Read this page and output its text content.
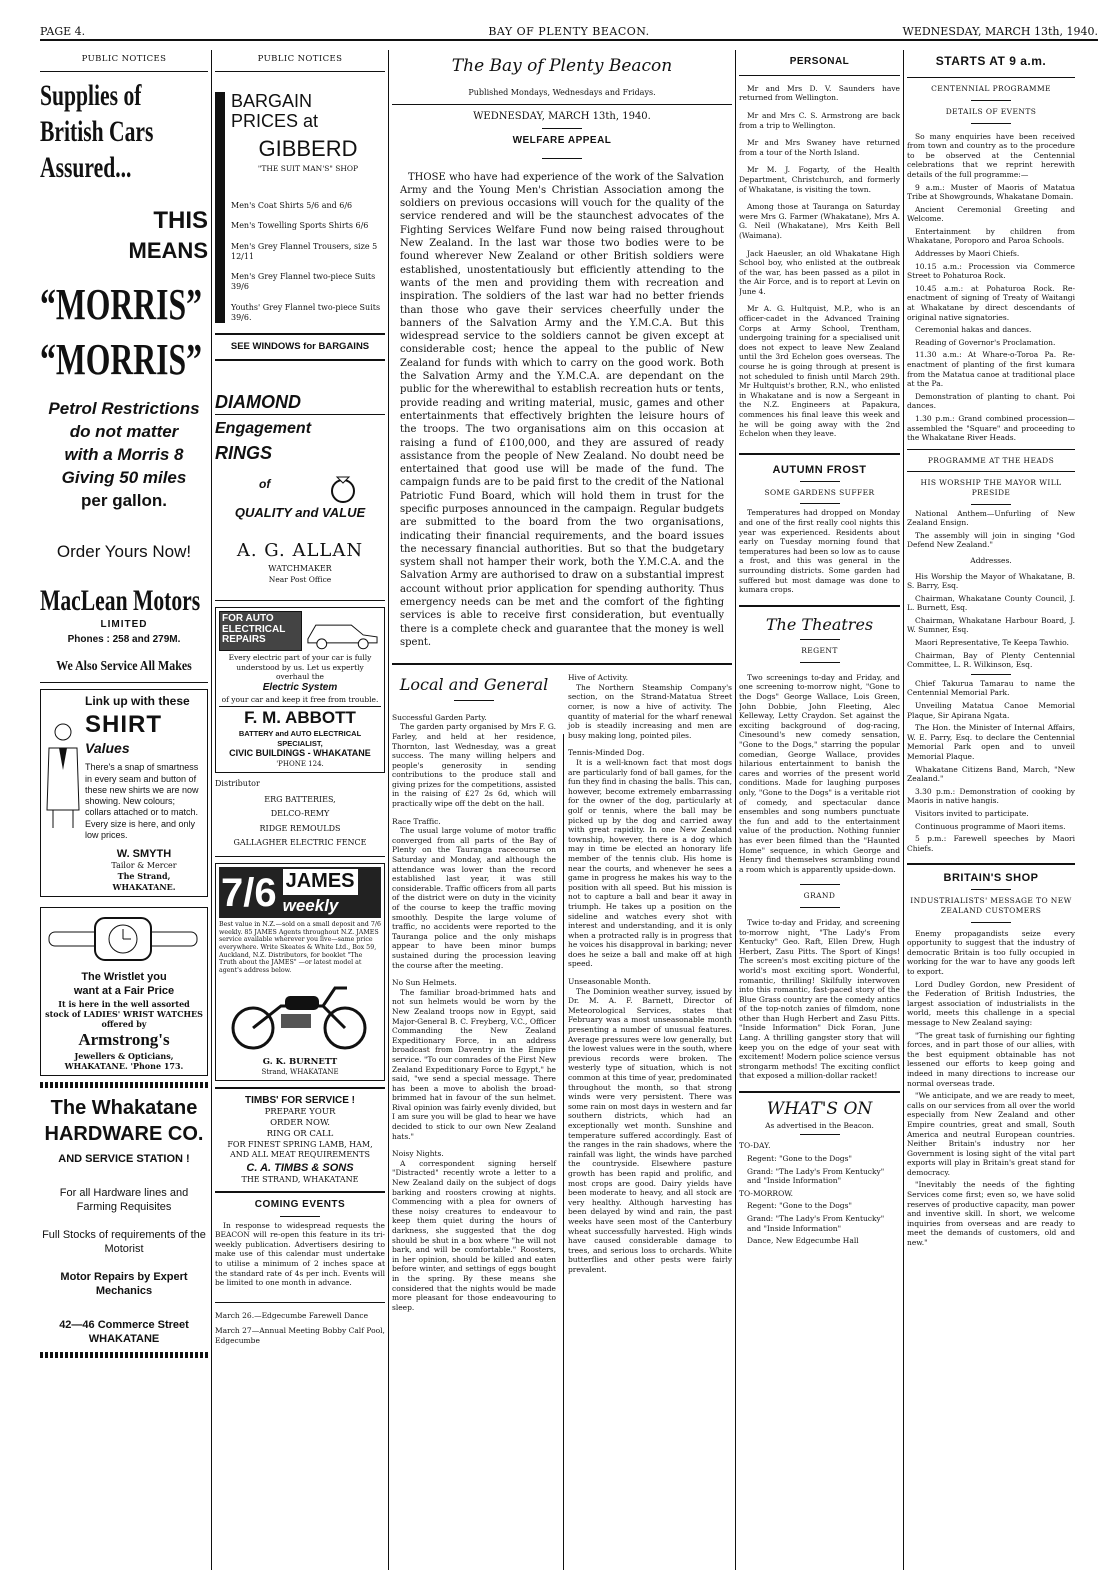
PAGE 4.	BAY OF PLENTY BEACON.	WEDNESDAY, MARCH 13th, 1940.
PUBLIC NOTICES
Supplies of
British Cars
Assured...
THIS
MEANS
“MORRIS”
“MORRIS”
Petrol Restrictions
do not matter
with a Morris 8
Giving 50 miles
per gallon.
Order Yours Now!
MacLean Motors
LIMITED
Phones : 258 and 279M.
We Also Service All Makes
Link up with these
SHIRT
Values
There's a snap of smartness in every seam and button of these new shirts we are now showing. New colours; collars attached or to match. Every size is here, and only low prices.
W. SMYTH
Tailor & Mercer
The Strand, WHAKATANE.
The Wristlet you
want at a Fair Price
It is here in the well assorted stock of LADIES' WRIST WATCHES offered by
Armstrong's
Jewellers & Opticians,
WHAKATANE. 'Phone 173.
The Whakatane
HARDWARE CO.
AND SERVICE STATION !
For all Hardware lines and Farming Requisites
Full Stocks of requirements of the Motorist
Motor Repairs by Expert Mechanics
42—46 Commerce Street
WHAKATANE
PUBLIC NOTICES
BARGAIN
PRICES at
GIBBERD
"THE SUIT MAN'S" SHOP
Men's Coat Shirts 5/6 and 6/6
Men's Towelling Sports Shirts 6/6
Men's Grey Flannel Trousers, size 5 12/11
Men's Grey Flannel two-piece Suits 39/6
Youths' Grey Flannel two-piece Suits 39/6.
SEE WINDOWS for BARGAINS
DIAMOND
Engagement
RINGS
of
QUALITY and VALUE
A. G. ALLAN
WATCHMAKER
Near Post Office
FOR AUTO
ELECTRICAL
REPAIRS
Every electric part of your car is fully understood by us. Let us expertly overhaul the
Electric System
of your car and keep it free from trouble.
F. M. ABBOTT
BATTERY and AUTO ELECTRICAL SPECIALIST,
CIVIC BUILDINGS - WHAKATANE
'PHONE 124.
Distributor
ERG BATTERIES,
DELCO-REMY
RIDGE REMOULDS
GALLAGHER ELECTRIC FENCE
7/6 JAMES
weekly
Best value in N.Z.—sold on a small deposit and 7/6 weekly. 85 JAMES Agents throughout N.Z. JAMES service available wherever you live—same price everywhere. Write Skeates & White Ltd., Box 59, Auckland, N.Z. Distributors, for booklet "The Truth about the JAMES" —or latest model at agent's address below.
G. K. BURNETT
Strand, WHAKATANE
TIMBS' FOR SERVICE !
PREPARE YOUR
ORDER NOW.
RING OR CALL
FOR FINEST SPRING LAMB, HAM,
AND ALL MEAT REQUIREMENTS
C. A. TIMBS & SONS
THE STRAND, WHAKATANE
COMING EVENTS

In response to widespread requests the BEACON will re-open this feature in its tri-weekly publication. Advertisers desiring to make use of this calendar must undertake to utilise a minimum of 2 inches space at the standard rate of 4s per inch. Events will be limited to one month in advance.

March 26.—Edgecumbe Farewell Dance
March 27—Annual Meeting Bobby Calf Pool, Edgecumbe
The Bay of Plenty Beacon
Published Mondays, Wednesdays and Fridays.
WEDNESDAY, MARCH 13th, 1940.
WELFARE APPEAL

THOSE who have had experience of the work of the Salvation Army and the Young Men's Christian Association among the soldiers on previous occasions will vouch for the quality of the service rendered and will be the staunchest advocates of the Fighting Services Welfare Fund now being raised throughout New Zealand. In the last war those two bodies were to be found wherever New Zealand or other British soldiers were established, unostentatiously but efficiently attending to the wants of the men and providing them with recreation and inspiration. The soldiers of the last war had no better friends than those who gave their services cheerfully under the banners of the Salvation Army and the Y.M.C.A. But this widespread service to the soldiers cannot be given except at considerable cost; hence the appeal to the public of New Zealand for funds with which to carry on the good work. Both the Salvation Army and the Y.M.C.A. are dependant on the public for the wherewithal to establish recreation huts or tents, provide reading and writing material, music, games and other entertainments that effectively brighten the leisure hours of the troops. The two organisations aim on this occasion at raising a fund of £100,000, and they are assured of ready assistance from the people of New Zealand. No doubt need be entertained that good use will be made of the fund. The campaign funds are to be paid first to the credit of the National Patriotic Fund Board, which will hold them in trust for the specific purposes announced in the campaign. Regular budgets are submitted to the board from the two organisations, indicating their financial requirements, and the board issues the necessary financial authorities. But so that the budgetary system shall not hamper their work, both the Y.M.C.A. and the Salvation Army are authorised to draw on a substantial imprest account without prior application for spending authority. Thus emergency needs can be met and the comfort of the fighting services is able to receive first consideration, but eventually there is a complete check and guarantee that the money is well spent.

Local and General
Successful Garden Party.

The garden party organised by Mrs F. G. Farley, and held at her residence, Thornton, last Wednesday, was a great success. The many willing helpers and people's generosity in sending contributions to the produce stall and giving prizes for the competitions, assisted in the raising of £27 2s 6d, which will practically wipe off the debt on the hall.

Race Traffic.

The usual large volume of motor traffic converged from all parts of the Bay of Plenty on the Tauranga racecourse on Saturday and Monday, and although the attendance was lower than the record established last year, it was still considerable. Traffic officers from all parts of the district were on duty in the vicinity of the course to keep the traffic moving smoothly. Despite the large volume of traffic, no accidents were reported to the Tauranga police and the only mishaps appear to have been minor bumps sustained during the procession leaving the course after the meeting.

No Sun Helmets.

The familiar broad-brimmed hats and not sun helmets would be worn by the New Zealand troops now in Egypt, said Major-General B. C. Freyberg, V.C., Officer Commanding the New Zealand Expeditionary Force, in an address broadcast from Daventry in the Empire service. "To our comrades of the First New Zealand Expeditionary Force to Egypt," he said, "we send a special message. There has been a move to abolish the broad-brimmed hat in favour of the sun helmet. Rival opinion was fairly evenly divided, but I am sure you will be glad to hear we have decided to stick to our own New Zealand hats."

Noisy Nights.

A correspondent signing herself "Distracted" recently wrote a letter to a New Zealand daily on the subject of dogs barking and roosters crowing at nights. Commencing with a plea for owners of these noisy creatures to endeavour to keep them quiet during the hours of darkness, she suggested that the dog should be shut in a box where "he will not bark, and will be comfortable." Roosters, in her opinion, should be killed and eaten before winter, and settings of eggs bought in the spring. By these means she considered that the nights would be made more pleasant for those endeavouring to sleep.

Hive of Activity.

The Northern Steamship Company's section, on the Strand-Matatua Street corner, is now a hive of activity. The quantity of material for the wharf renewal job is steadily increasing and men are busy making long, pointed piles.

Tennis-Minded Dog.

It is a well-known fact that most dogs are particularly fond of ball games, for the fun they find in chasing the balls. This can, however, become extremely embarrassing for the owner of the dog, particularly at golf or tennis, where the ball may be picked up by the dog and carried away with great rapidity. In one New Zealand township, however, there is a dog which may in time be elected an honorary life member of the tennis club. His home is near the courts, and whenever he sees a game in progress he makes his way to the position with all speed. But his mission is not to capture a ball and bear it away in triumph. He takes up a position on the sideline and watches every shot with interest and understanding, and it is only when a protracted rally is in progress that he voices his disapproval in barking; never does he seize a ball and make off at high speed.

Unseasonable Month.

The Dominion weather survey, issued by Dr. M. A. F. Barnett, Director of Meteorological Services, states that February was a most unseasonable month presenting a number of unusual features. Average pressures were low generally, but the lowest values were in the south, where previous records were broken. The westerly type of situation, which is not common at this time of year, predominated throughout the month, so that strong winds were very persistent. There was some rain on most days in western and far southern districts, which had an exceptionally wet month. Sunshine and temperature suffered accordingly. East of the ranges in the rain shadows, where the rainfall was light, the winds have parched the countryside. Elsewhere pasture growth has been rapid and prolific, and most crops are good. Dairy yields have been moderate to heavy, and all stock are very healthy. Although harvesting has been delayed by wind and rain, the past weeks have seen most of the Canterbury wheat successfully harvested. High winds have caused considerable damage to trees, and serious loss to orchards. White butterflies and other pests were fairly prevalent.

PERSONAL

Mr and Mrs D. V. Saunders have returned from Wellington.

Mr and Mrs C. S. Armstrong are back from a trip to Wellington.

Mr and Mrs Swaney have returned from a tour of the North Island.

Mr M. J. Fogarty, of the Health Department, Christchurch, and formerly of Whakatane, is visiting the town.

Among those at Tauranga on Saturday were Mrs G. Farmer (Whakatane), Mrs A. G. Neil (Whakatane), Mrs Keith Bell (Waimana).

Jack Haeusler, an old Whakatane High School boy, who enlisted at the outbreak of the war, has been passed as a pilot in the Air Force, and is to report at Levin on June 4.

Mr A. G. Hultquist, M.P., who is an officer-cadet in the Advanced Training Corps at Army School, Trentham, undergoing training for a specialised unit does not expect to leave New Zealand until the 3rd Echelon goes overseas. The course he is going through at present is not scheduled to finish until March 29th. Mr Hultquist's brother, R.N., who enlisted in Whakatane and is now a Sergeant in the N.Z. Engineers at Papakura, commences his final leave this week and he will be going away with the 2nd Echelon when they leave.

AUTUMN FROST
SOME GARDENS SUFFER

Temperatures had dropped on Monday and one of the first really cool nights this year was experienced. Residents about early on Tuesday morning found that temperatures had been so low as to cause a frost, and this was general in the surrounding districts. Some garden had suffered but most damage was done to kumara crops.

The Theatres
REGENT

Two screenings to-day and Friday, and one screening to-morrow night, "Gone to the Dogs" George Wallace, Lois Green, John Dobbie, John Fleeting, Alec Kelleway, Letty Craydon. Set against the exciting background of dog-racing, Cinesound's new comedy sensation, "Gone to the Dogs," starring the popular comedian, George Wallace, provides hilarious entertainment to banish the cares and worries of the present world conditions. Made for laughing purposes only, "Gone to the Dogs" is a veritable riot of comedy, and spectacular dance ensembles and song numbers punctuate the fun and add to the entertainment value of the production. Nothing funnier has ever been filmed than the "Haunted Home" sequence, in which George and Henry find themselves scrambling round a room which is apparently upside-down.

GRAND

Twice to-day and Friday, and screening to-morrow night, "The Lady's From Kentucky" Geo. Raft, Ellen Drew, Hugh Herbert, Zasu Pitts. The Sport of Kings! The screen's most exciting picture of the world's most exciting sport. Wonderful, romantic, thrilling! Skilfully interwoven into this romantic, fast-paced story of the Blue Grass country are the comedy antics of the top-notch zanies of filmdom, none other than Hugh Herbert and Zasu Pitts. "Inside Information" Dick Foran, June Lang. A thrilling gangster story that will keep you on the edge of your seat with excitement! Modern police science versus strongarm methods! The exciting conflict that exposed a million-dollar racket!

WHAT'S ON
As advertised in the Beacon.
TO-DAY.
Regent: "Gone to the Dogs"
Grand: "The Lady's From Kentucky" and "Inside Information"
TO-MORROW.
Regent: "Gone to the Dogs"
Grand: "The Lady's From Kentucky" and "Inside Information"
Dance, New Edgecumbe Hall
STARTS AT 9 a.m.
CENTENNIAL PROGRAMME
DETAILS OF EVENTS

So many enquiries have been received from town and country as to the procedure to be observed at the Centennial celebrations that we reprint herewith details of the full programme:—

9 a.m.: Muster of Maoris of Matatua Tribe at Showgrounds, Whakatane Domain.

Ancient Ceremonial Greeting and Welcome.

Entertainment by children from Whakatane, Poroporo and Paroa Schools.

Addresses by Maori Chiefs.

10.15 a.m.: Procession via Commerce Street to Pohaturoa Rock.

10.45 a.m.: at Pohaturoa Rock. Re-enactment of signing of Treaty of Waitangi at Whakatane by direct descendants of original native signatories.

Ceremonial hakas and dances.

Reading of Governor's Proclamation.

11.30 a.m.: At Whare-o-Toroa Pa. Re-enactment of planting of the first kumara from the Matatua canoe at traditional place at the Pa.

Demonstration of planting to chant. Poi dances.

1.30 p.m.: Grand combined procession—assembled the "Square" and proceeding to the Whakatane River Heads.

PROGRAMME AT THE HEADS
HIS WORSHIP THE MAYOR WILL PRESIDE

National Anthem—Unfurling of New Zealand Ensign.

The assembly will join in singing "God Defend New Zealand."

Addresses.

His Worship the Mayor of Whakatane, B. S. Barry, Esq.

Chairman, Whakatane County Council, J. L. Burnett, Esq.

Chairman, Whakatane Harbour Board, J. W. Sumner, Esq.

Maori Representative, Te Keepa Tawhio.

Chairman, Bay of Plenty Centennial Committee, L. R. Wilkinson, Esq.

Chief Takurua Tamarau to name the Centennial Memorial Park.

Unveiling Matatua Canoe Memorial Plaque, Sir Apirana Ngata.

The Hon. the Minister of Internal Affairs, W. E. Parry, Esq. to declare the Centennial Memorial Park open and to unveil Memorial Plaque.

Whakatane Citizens Band, March, "New Zealand."

3.30 p.m.: Demonstration of cooking by Maoris in native hangis.

Visitors invited to participate.

Continuous programme of Maori items.

5 p.m.: Farewell speeches by Maori Chiefs.

BRITAIN'S SHOP
INDUSTRIALISTS' MESSAGE TO NEW ZEALAND CUSTOMERS

Enemy propagandists seize every opportunity to suggest that the industry of democratic Britain is too fully occupied in working for the war to have any goods left to export.

Lord Dudley Gordon, new President of the Federation of British Industries, the largest association of industrialists in the world, meets this challenge in a special message to New Zealand saying:

"The great task of furnishing our fighting forces, and in part those of our allies, with the best equipment obtainable has not lessened our efforts to keep going and indeed in many directions to increase our normal overseas trade.

"We anticipate, and we are ready to meet, calls on our services from all over the world especially from New Zealand and other Empire countries, great and small, South America and neutral European countries. Neither Britain's industry nor her Government is losing sight of the vital part exports will play in Britain's great stand for democracy.

"Inevitably the needs of the fighting Services come first; even so, we have solid reserves of productive capacity, man power and inventive skill. In short, we welcome inquiries from overseas and are ready to meet the demands of customers, old and new."
